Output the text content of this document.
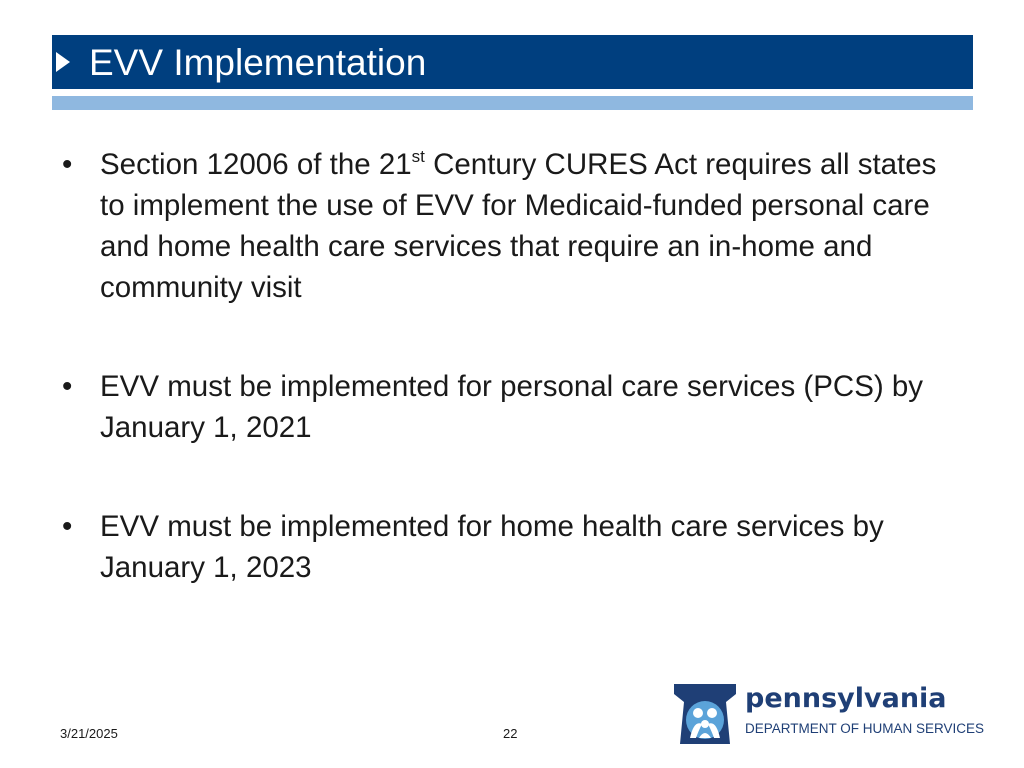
EVV Implementation
• Section 12006 of the 21st Century CURES Act requires all states to implement the use of EVV for Medicaid-funded personal care and home health care services that require an in-home and community visit
• EVV must be implemented for personal care services (PCS) by January 1, 2021
• EVV must be implemented for home health care services by January 1, 2023
3/21/2025	22
pennsylvania
DEPARTMENT OF HUMAN SERVICES
